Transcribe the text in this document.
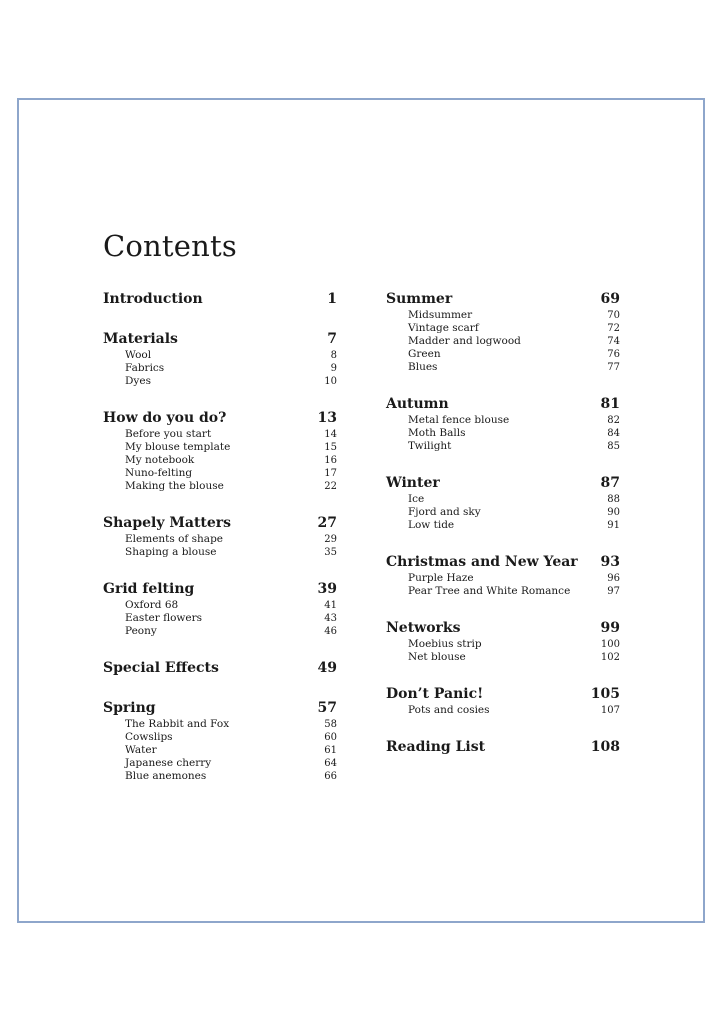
Contents
Introduction	1
Materials	7
Wool	8
Fabrics	9
Dyes	10
How do you do?	13
Before you start	14
My blouse template	15
My notebook	16
Nuno-felting	17
Making the blouse	22
Shapely Matters	27
Elements of shape	29
Shaping a blouse	35
Grid felting	39
Oxford 68	41
Easter flowers	43
Peony	46
Special Effects	49
Spring	57
The Rabbit and Fox	58
Cowslips	60
Water	61
Japanese cherry	64
Blue anemones	66
Summer	69
Midsummer	70
Vintage scarf	72
Madder and logwood	74
Green	76
Blues	77
Autumn	81
Metal fence blouse	82
Moth Balls	84
Twilight	85
Winter	87
Ice	88
Fjord and sky	90
Low tide	91
Christmas and New Year 93
Purple Haze	96
Pear Tree and White Romance	97
Networks	99
Moebius strip	100
Net blouse	102
Don’t Panic!	105
Pots and cosies	107
Reading List	108
